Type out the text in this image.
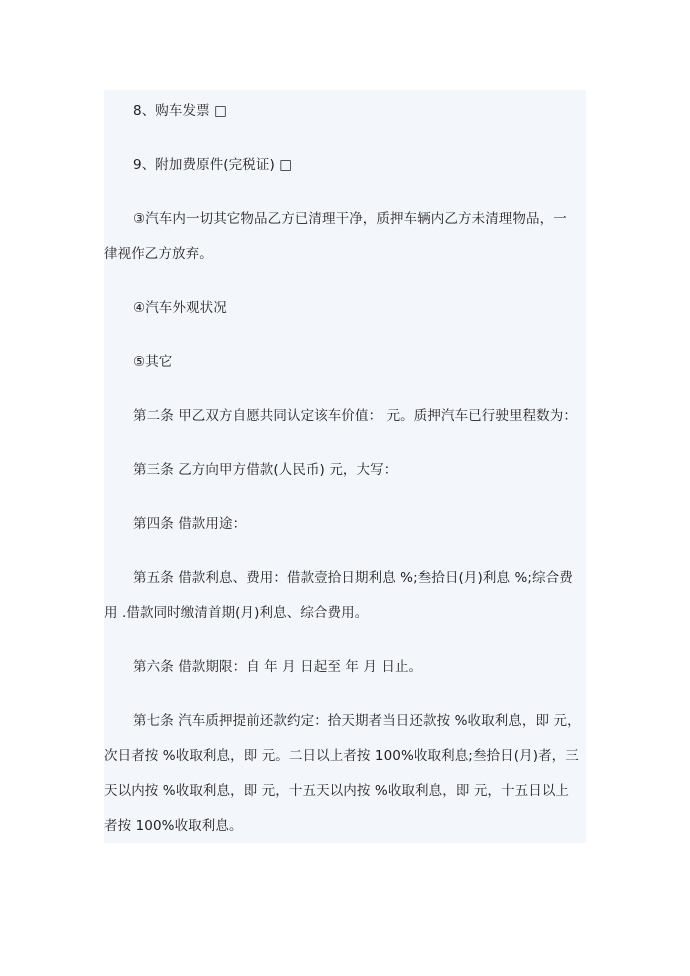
8、购车发票 □
9、附加费原件(完税证) □
③汽车内一切其它物品乙方已清理干净，质押车辆内乙方未清理物品，一
律视作乙方放弃。
④汽车外观状况
⑤其它
第二条 甲乙双方自愿共同认定该车价值： 元。质押汽车已行驶里程数为：
第三条 乙方向甲方借款(人民币) 元，大写：
第四条 借款用途：
第五条 借款利息、费用：借款壹拾日期利息 %;叁拾日(月)利息 %;综合费
用 .借款同时缴清首期(月)利息、综合费用。
第六条 借款期限：自 年 月 日起至 年 月 日止。
第七条 汽车质押提前还款约定：拾天期者当日还款按 %收取利息，即 元，
次日者按 %收取利息，即 元。二日以上者按 100%收取利息;叁拾日(月)者，三
天以内按 %收取利息，即 元，十五天以内按 %收取利息，即 元，十五日以上
者按 100%收取利息。
